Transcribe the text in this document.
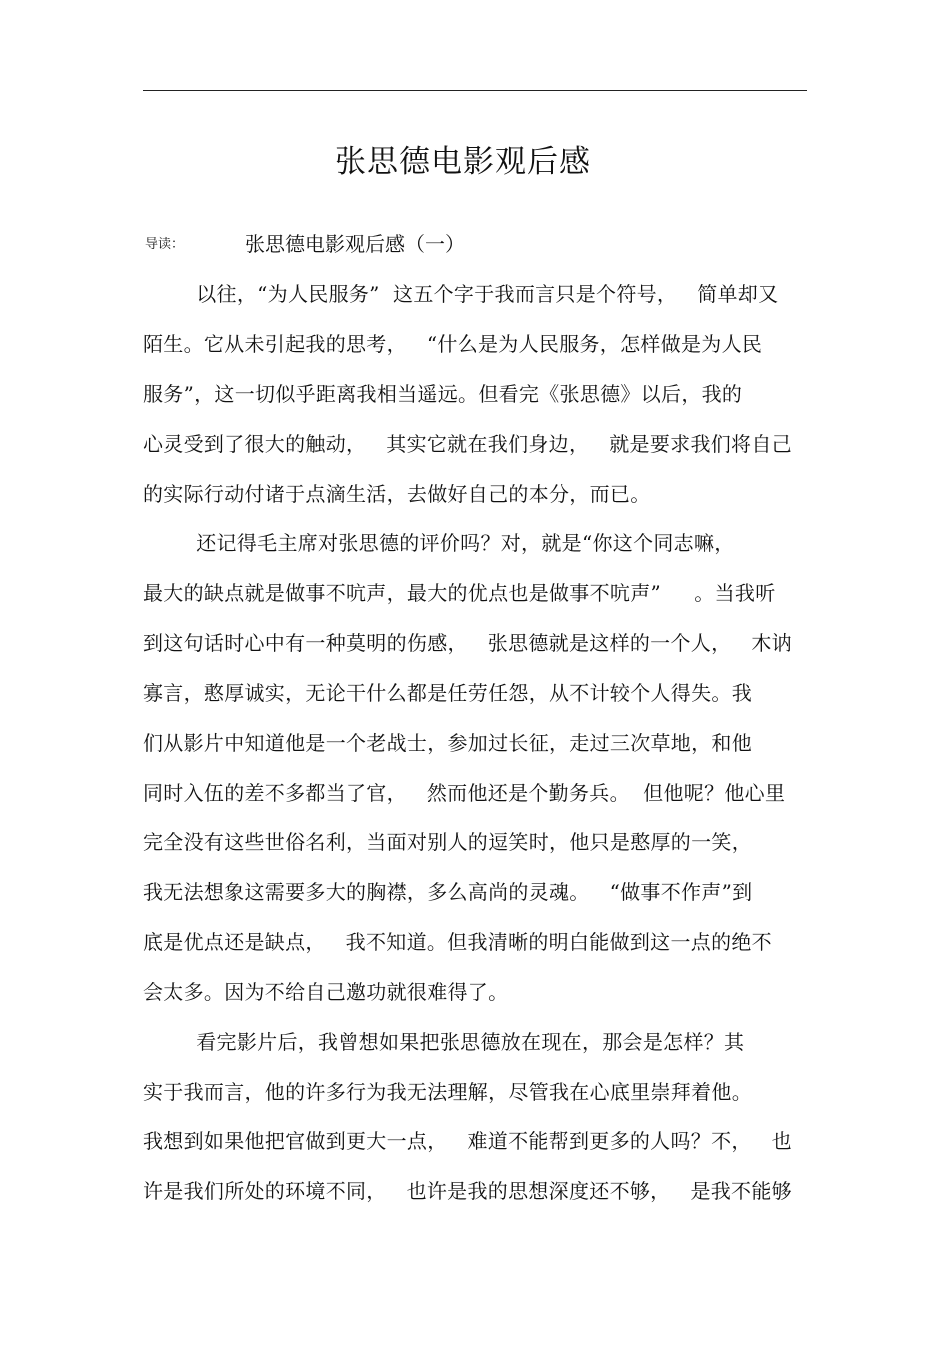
张思德电影观后感
导读：	张思德电影观后感（一）
以往，“为人民服务”  这五个字于我而言只是个符号，   简单却又
陌生。它从未引起我的思考，   “什么是为人民服务，怎样做是为人民
服务”，这一切似乎距离我相当遥远。但看完《张思德》以后，我的
心灵受到了很大的触动，   其实它就在我们身边，   就是要求我们将自己
的实际行动付诸于点滴生活，去做好自己的本分，而已。
还记得毛主席对张思德的评价吗？对，就是“你这个同志嘛，
最大的缺点就是做事不吭声，最大的优点也是做事不吭声”     。当我听
到这句话时心中有一种莫明的伤感，   张思德就是这样的一个人，   木讷
寡言，憨厚诚实，无论干什么都是任劳任怨，从不计较个人得失。我
们从影片中知道他是一个老战士，参加过长征，走过三次草地，和他
同时入伍的差不多都当了官，   然而他还是个勤务兵。  但他呢？他心里
完全没有这些世俗名利，当面对别人的逗笑时，他只是憨厚的一笑，
我无法想象这需要多大的胸襟，多么高尚的灵魂。   “做事不作声”到
底是优点还是缺点，   我不知道。但我清晰的明白能做到这一点的绝不
会太多。因为不给自己邀功就很难得了。
看完影片后，我曾想如果把张思德放在现在，那会是怎样？其
实于我而言，他的许多行为我无法理解，尽管我在心底里崇拜着他。
我想到如果他把官做到更大一点，   难道不能帮到更多的人吗？不，   也
许是我们所处的环境不同，   也许是我的思想深度还不够，   是我不能够
